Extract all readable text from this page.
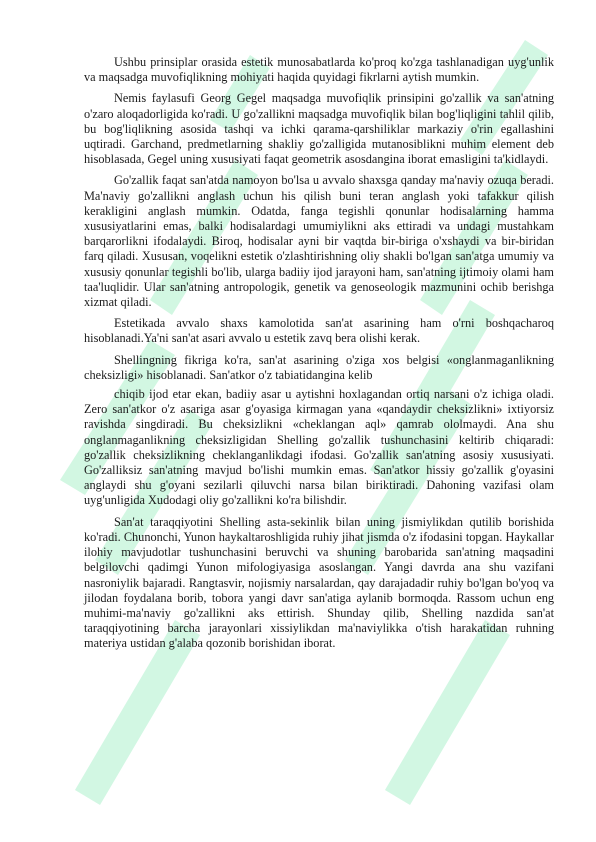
Ushbu prinsiplar orasida estetik munosabatlarda ko'proq ko'zga tashlanadigan uyg'unlik va maqsadga muvofiqlikning mohiyati haqida quyidagi fikrlarni aytish mumkin.

Nemis faylasufi Georg Gegel maqsadga muvofiqlik prinsipini go'zallik va san'atning o'zaro aloqadorligida ko'radi. U go'zallikni maqsadga muvofiqlik bilan bog'liqligini tahlil qilib, bu bog'liqlikning asosida tashqi va ichki qarama-qarshiliklar markaziy o'rin egallashini uqtiradi. Garchand, predmetlarning shakliy go'zalligida mutanosiblikni muhim element deb hisoblasada, Gegel uning xususiyati faqat geometrik asosdangina iborat emasligini ta'kidlaydi.

Go'zallik faqat san'atda namoyon bo'lsa u avvalo shaxsga qanday ma'naviy ozuqa beradi. Ma'naviy go'zallikni anglash uchun his qilish buni teran anglash yoki tafakkur qilish kerakligini anglash mumkin. Odatda, fanga tegishli qonunlar hodisalarning hamma xususiyatlarini emas, balki hodisalardagi umumiylikni aks ettiradi va undagi mustahkam barqarorlikni ifodalaydi. Biroq, hodisalar ayni bir vaqtda bir-biriga o'xshaydi va bir-biridan farq qiladi. Xususan, voqelikni estetik o'zlashtirishning oliy shakli bo'lgan san'atga umumiy va xususiy qonunlar tegishli bo'lib, ularga badiiy ijod jarayoni ham, san'atning ijtimoiy olami ham taa'luqlidir. Ular san'atning antropologik, genetik va genoseologik mazmunini ochib berishga xizmat qiladi.

Estetikada avvalo shaxs kamolotida san'at asarining ham o'rni boshqacharoq hisoblanadi.Ya'ni san'at asari avvalo u estetik zavq bera olishi kerak.

Shellingning fikriga ko'ra, san'at asarining o'ziga xos belgisi «onglanmaganlikning cheksizligi» hisoblanadi. San'atkor o'z tabiatidangina kelib

chiqib ijod etar ekan, badiiy asar u aytishni hoxlagandan ortiq narsani o'z ichiga oladi. Zero san'atkor o'z asariga asar g'oyasiga kirmagan yana «qandaydir cheksizlikni» ixtiyorsiz ravishda singdiradi. Bu cheksizlikni «cheklangan aql» qamrab ololmaydi. Ana shu onglanmaganlikning cheksizligidan Shelling go'zallik tushunchasini keltirib chiqaradi: go'zallik cheksizlikning cheklanganlikdagi ifodasi. Go'zallik san'atning asosiy xususiyati. Go'zalliksiz san'atning mavjud bo'lishi mumkin emas. San'atkor hissiy go'zallik g'oyasini anglaydi shu g'oyani sezilarli qiluvchi narsa bilan biriktiradi. Dahoning vazifasi olam uyg'unligida Xudodagi oliy go'zallikni ko'ra bilishdir.

San'at taraqqiyotini Shelling asta-sekinlik bilan uning jismiylikdan qutilib borishida ko'radi. Chunonchi, Yunon haykaltaroshligida ruhiy jihat jismda o'z ifodasini topgan. Haykallar ilohiy mavjudotlar tushunchasini beruvchi va shuning barobarida san'atning maqsadini belgilovchi qadimgi Yunon mifologiyasiga asoslangan. Yangi davrda ana shu vazifani nasroniylik bajaradi. Rangtasvir, nojismiy narsalardan, qay darajadadir ruhiy bo'lgan bo'yoq va jilodan foydalana borib, tobora yangi davr san'atiga aylanib bormoqda. Rassom uchun eng muhimi-ma'naviy go'zallikni aks ettirish. Shunday qilib, Shelling nazdida san'at taraqqiyotining barcha jarayonlari xissiylikdan ma'naviylikka o'tish harakatidan ruhning materiya ustidan g'alaba qozonib borishidan iborat.
